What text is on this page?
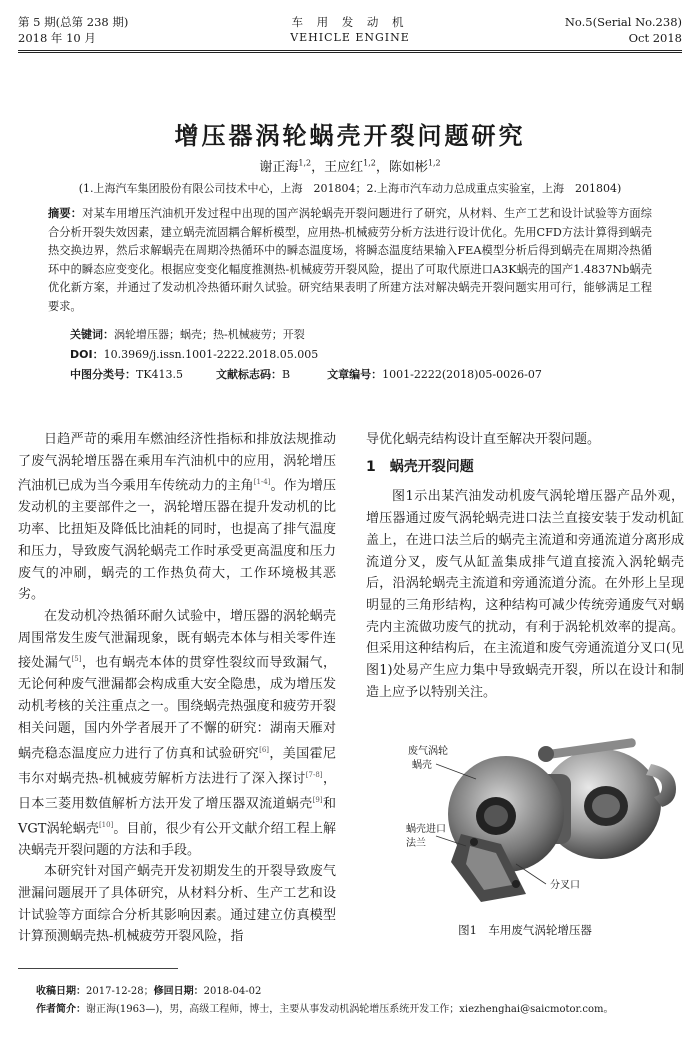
第 5 期(总第 238 期)
2018 年 10 月
车 用 发 动 机
VEHICLE ENGINE
No.5(Serial No.238)
Oct 2018
增压器涡轮蜗壳开裂问题研究
谢正海$^{1,2}$，王应红$^{1,2}$，陈如彬$^{1,2}$
(1.上海汽车集团股份有限公司技术中心，上海　201804；2.上海市汽车动力总成重点实验室，上海　201804)
摘要：对某车用增压汽油机开发过程中出现的国产涡轮蜗壳开裂问题进行了研究，从材料、生产工艺和设计试验等方面综合分析开裂失效因素，建立蜗壳流固耦合解析模型，应用热-机械疲劳分析方法进行设计优化。先用CFD方法计算得到蜗壳热交换边界，然后求解蜗壳在周期冷热循环中的瞬态温度场，将瞬态温度结果输入FEA模型分析后得到蜗壳在周期冷热循环中的瞬态应变变化。根据应变变化幅度推测热-机械疲劳开裂风险，提出了可取代原进口A3K蜗壳的国产1.4837Nb蜗壳优化新方案，并通过了发动机冷热循环耐久试验。研究结果表明了所建方法对解决蜗壳开裂问题实用可行，能够满足工程要求。
关键词：涡轮增压器；蜗壳；热-机械疲劳；开裂
DOI：10.3969/j.issn.1001-2222.2018.05.005
中图分类号：TK413.5	文献标志码：B	文章编号：1001-2222(2018)05-0026-07

日趋严苛的乘用车燃油经济性指标和排放法规推动了废气涡轮增压器在乘用车汽油机中的应用，涡轮增压汽油机已成为当今乘用车传统动力的主角[1-4]。作为增压发动机的主要部件之一，涡轮增压器在提升发动机的比功率、比扭矩及降低比油耗的同时，也提高了排气温度和压力，导致废气涡轮蜗壳工作时承受更高温度和压力废气的冲刷，蜗壳的工作热负荷大，工作环境极其恶劣。

在发动机冷热循环耐久试验中，增压器的涡轮蜗壳周围常发生废气泄漏现象，既有蜗壳本体与相关零件连接处漏气[5]，也有蜗壳本体的贯穿性裂纹而导致漏气，无论何种废气泄漏都会构成重大安全隐患，成为增压发动机考核的关注重点之一。围绕蜗壳热强度和疲劳开裂相关问题，国内外学者展开了不懈的研究：湖南天雁对蜗壳稳态温度应力进行了仿真和试验研究[6]，美国霍尼韦尔对蜗壳热-机械疲劳解析方法进行了深入探讨[7-8]，日本三菱用数值解析方法开发了增压器双流道蜗壳[9]和VGT涡轮蜗壳[10]。目前，很少有公开文献介绍工程上解决蜗壳开裂问题的方法和手段。

本研究针对国产蜗壳开发初期发生的开裂导致废气泄漏问题展开了具体研究，从材料分析、生产工艺和设计试验等方面综合分析其影响因素。通过建立仿真模型计算预测蜗壳热-机械疲劳开裂风险，指

导优化蜗壳结构设计直至解决开裂问题。

1　蜗壳开裂问题

图1示出某汽油发动机废气涡轮增压器产品外观，增压器通过废气涡轮蜗壳进口法兰直接安装于发动机缸盖上，在进口法兰后的蜗壳主流道和旁通流道分离形成流道分叉，废气从缸盖集成排气道直接流入涡轮蜗壳后，沿涡轮蜗壳主流道和旁通流道分流。在外形上呈现明显的三角形结构，这种结构可减少传统旁通废气对蜗壳内主流做功废气的扰动，有利于涡轮机效率的提高。但采用这种结构后，在主流道和废气旁通流道分叉口(见图1)处易产生应力集中导致蜗壳开裂，所以在设计和制造上应予以特别关注。

废气涡轮
蜗壳
蜗壳进口
法兰
分叉口
图1　车用废气涡轮增压器
收稿日期：2017-12-28；修回日期：2018-04-02
作者简介：谢正海(1963—)，男，高级工程师，博士，主要从事发动机涡轮增压系统开发工作；xiezhenghai@saicmotor.com。
